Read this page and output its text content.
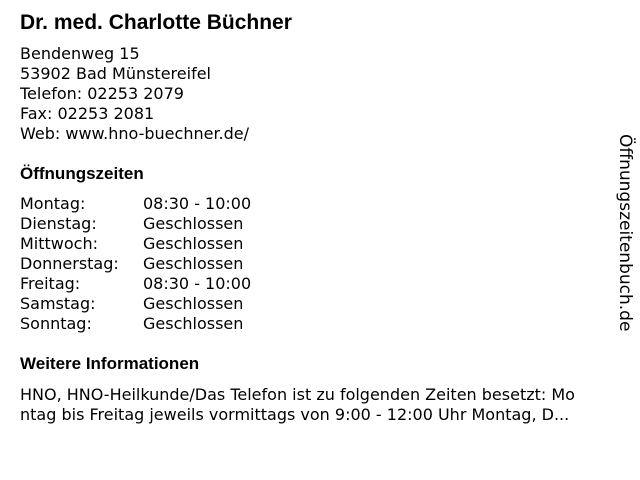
Dr. med. Charlotte Büchner
Bendenweg 15
53902 Bad Münstereifel
Telefon: 02253 2079
Fax: 02253 2081
Web: www.hno-buechner.de/
Öffnungszeiten
Montag:	08:30 - 10:00
Dienstag:	Geschlossen
Mittwoch:	Geschlossen
Donnerstag: Geschlossen
Freitag:	08:30 - 10:00
Samstag:	Geschlossen
Sonntag:	Geschlossen
Weitere Informationen
HNO, HNO-Heilkunde/Das Telefon ist zu folgenden Zeiten besetzt: Mo
ntag bis Freitag jeweils vormittags von 9:00 - 12:00 Uhr Montag, D...
Öffnungszeitenbuch.de
